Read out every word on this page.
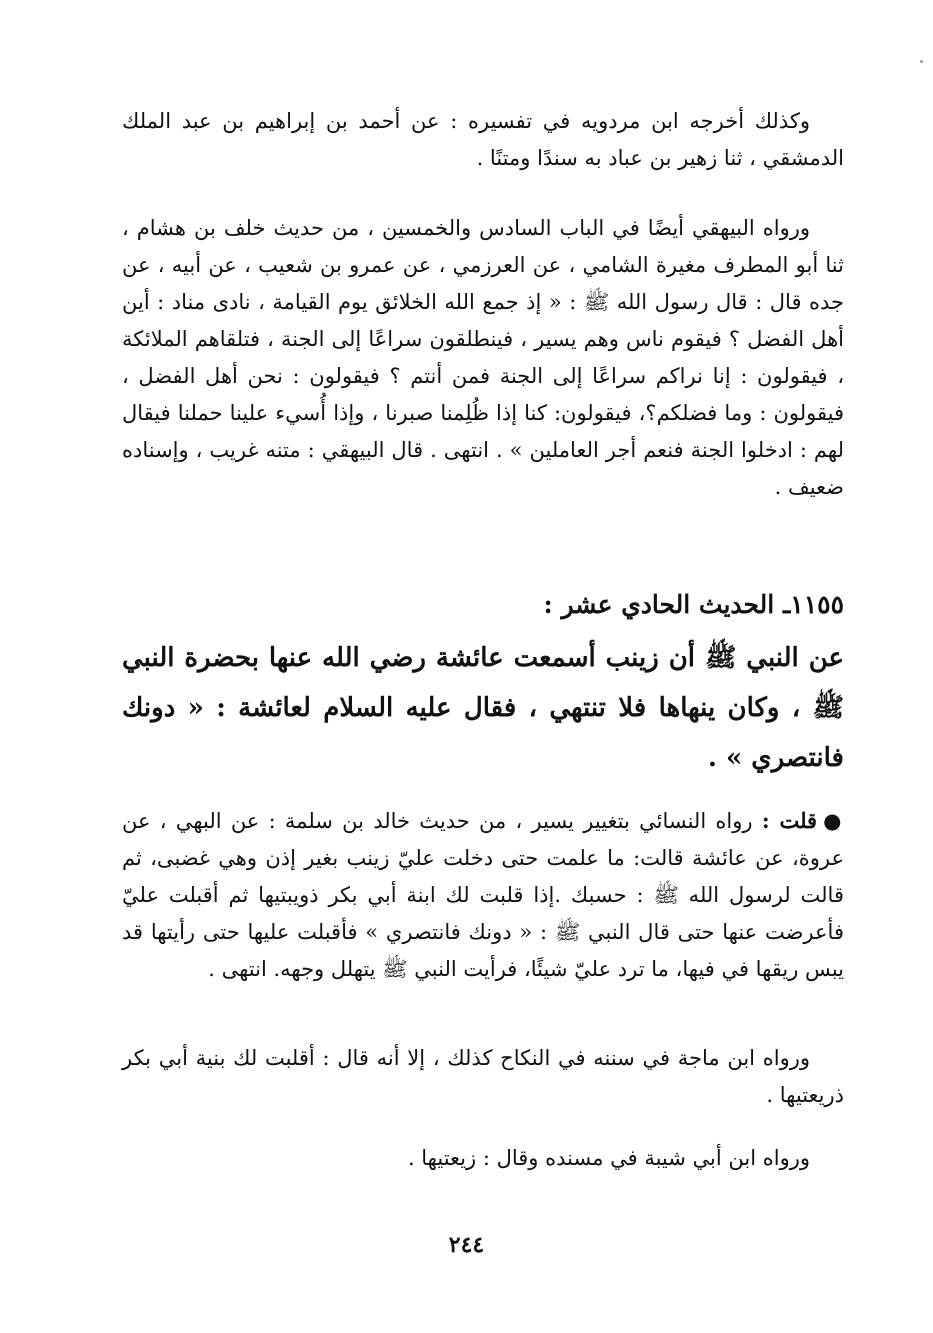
وكذلك أخرجه ابن مردويه في تفسيره : عن أحمد بن إبراهيم بن عبد الملك الدمشقي ، ثنا زهير بن عباد به سندًا ومتنًا .

ورواه البيهقي أيضًا في الباب السادس والخمسين ، من حديث خلف بن هشام ، ثنا أبو المطرف مغيرة الشامي ، عن العرزمي ، عن عمرو بن شعيب ، عن أبيه ، عن جده قال : قال رسول الله ﷺ : « إذ جمع الله الخلائق يوم القيامة ، نادى مناد : أين أهل الفضل ؟ فيقوم ناس وهم يسير ، فينطلقون سراعًا إلى الجنة ، فتلقاهم الملائكة ، فيقولون : إنا نراكم سراعًا إلى الجنة فمن أنتم ؟ فيقولون : نحن أهل الفضل ، فيقولون : وما فضلكم؟، فيقولون: كنا إذا ظُلِمنا صبرنا ، وإذا أُسيء علينا حملنا فيقال لهم : ادخلوا الجنة فنعم أجر العاملين » . انتهى . قال البيهقي : متنه غريب ، وإسناده ضعيف .

١١٥٥ـ الحديث الحادي عشر :

عن النبي ﷺ أن زينب أسمعت عائشة رضي الله عنها بحضرة النبي ﷺ ، وكان ينهاها فلا تنتهي ، فقال عليه السلام لعائشة : « دونك فانتصري » .

●قلت : رواه النسائي بتغيير يسير ، من حديث خالد بن سلمة : عن البهي ، عن عروة، عن عائشة قالت: ما علمت حتى دخلت عليّ زينب بغير إذن وهي غضبى، ثم قالت لرسول الله ﷺ : حسبك .إذا قلبت لك ابنة أبي بكر ذويبتيها ثم أقبلت عليّ فأعرضت عنها حتى قال النبي ﷺ : « دونك فانتصري » فأقبلت عليها حتى رأيتها قد يبس ريقها في فيها، ما ترد عليّ شيئًا، فرأيت النبي ﷺ يتهلل وجهه. انتهى .

ورواه ابن ماجة في سننه في النكاح كذلك ، إلا أنه قال : أقلبت لك بنية أبي بكر ذريعتيها .

ورواه ابن أبي شيبة في مسنده وقال : زيعتيها .

٢٤٤
